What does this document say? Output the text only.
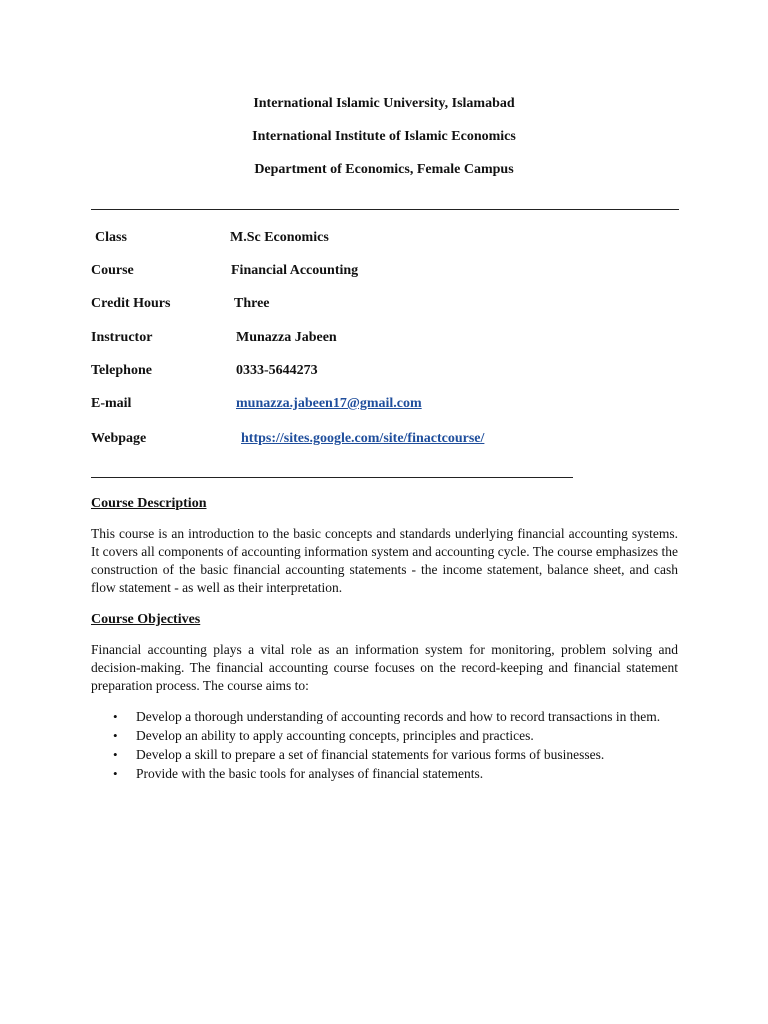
International Islamic University, Islamabad
International Institute of Islamic Economics
Department of Economics, Female Campus
Class	M.Sc Economics
Course	Financial Accounting
Credit Hours	Three
Instructor	Munazza Jabeen
Telephone	0333-5644273
E-mail	munazza.jabeen17@gmail.com
Webpage	https://sites.google.com/site/finactcourse/
Course Description
This course is an introduction to the basic concepts and standards underlying financial accounting systems. It covers all components of accounting information system and accounting cycle. The course emphasizes the construction of the basic financial accounting statements - the income statement, balance sheet, and cash flow statement - as well as their interpretation.
Course Objectives
Financial accounting plays a vital role as an information system for monitoring, problem solving and decision-making. The financial accounting course focuses on the record-keeping and financial statement preparation process. The course aims to:
• Develop a thorough understanding of accounting records and how to record transactions in them.
• Develop an ability to apply accounting concepts, principles and practices.
• Develop a skill to prepare a set of financial statements for various forms of businesses.
• Provide with the basic tools for analyses of financial statements.
